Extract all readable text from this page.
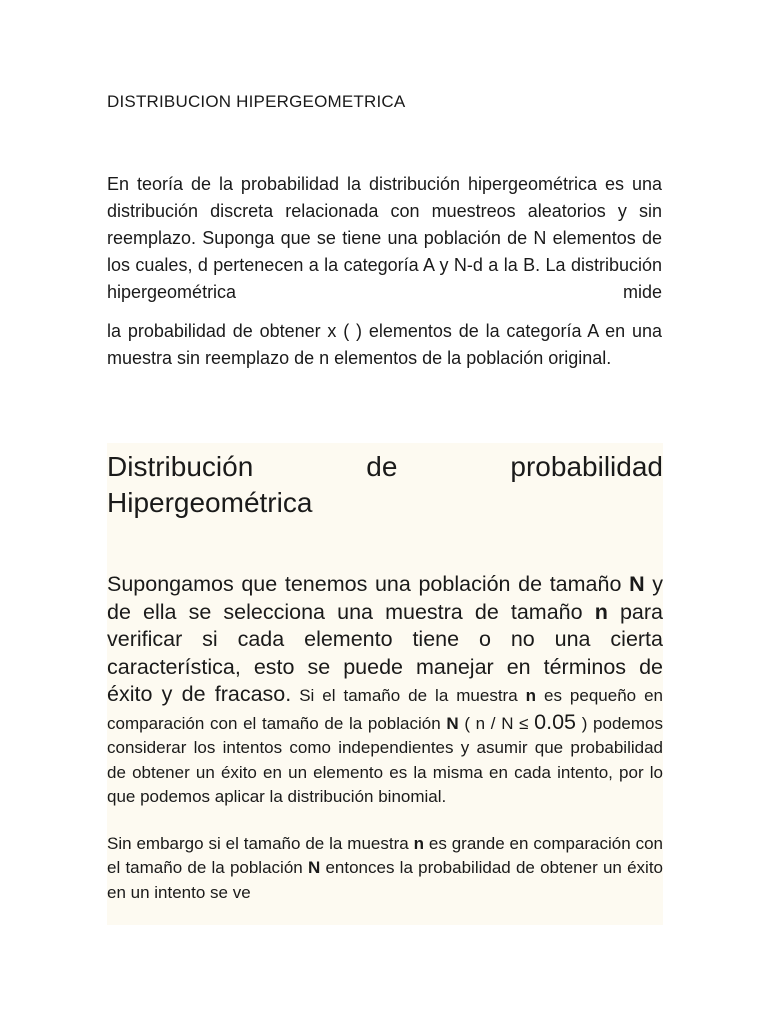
DISTRIBUCION HIPERGEOMETRICA

En teoría de la probabilidad la distribución hipergeométrica es una distribución discreta relacionada con muestreos aleatorios y sin reemplazo. Suponga que se tiene una población de N elementos de los cuales, d pertenecen a la categoría A y N-d a la B. La distribución hipergeométrica mide

la probabilidad de obtener x ( ) elementos de la categoría A en una muestra sin reemplazo de n elementos de la población original.

Distribución	de	probabilidad
Hipergeométrica

Supongamos que tenemos una población de tamaño N y de ella se selecciona una muestra de tamaño n para verificar si cada elemento tiene o no una cierta característica, esto se puede manejar en términos de éxito y de fracaso. Si el tamaño de la muestra n es pequeño en comparación con el tamaño de la población N ( n / N ≤ 0.05 ) podemos considerar los intentos como independientes y asumir que probabilidad de obtener un éxito en un elemento es la misma en cada intento, por lo que podemos aplicar la distribución binomial.

Sin embargo si el tamaño de la muestra n es grande en comparación con el tamaño de la población N entonces la probabilidad de obtener un éxito en un intento se ve
